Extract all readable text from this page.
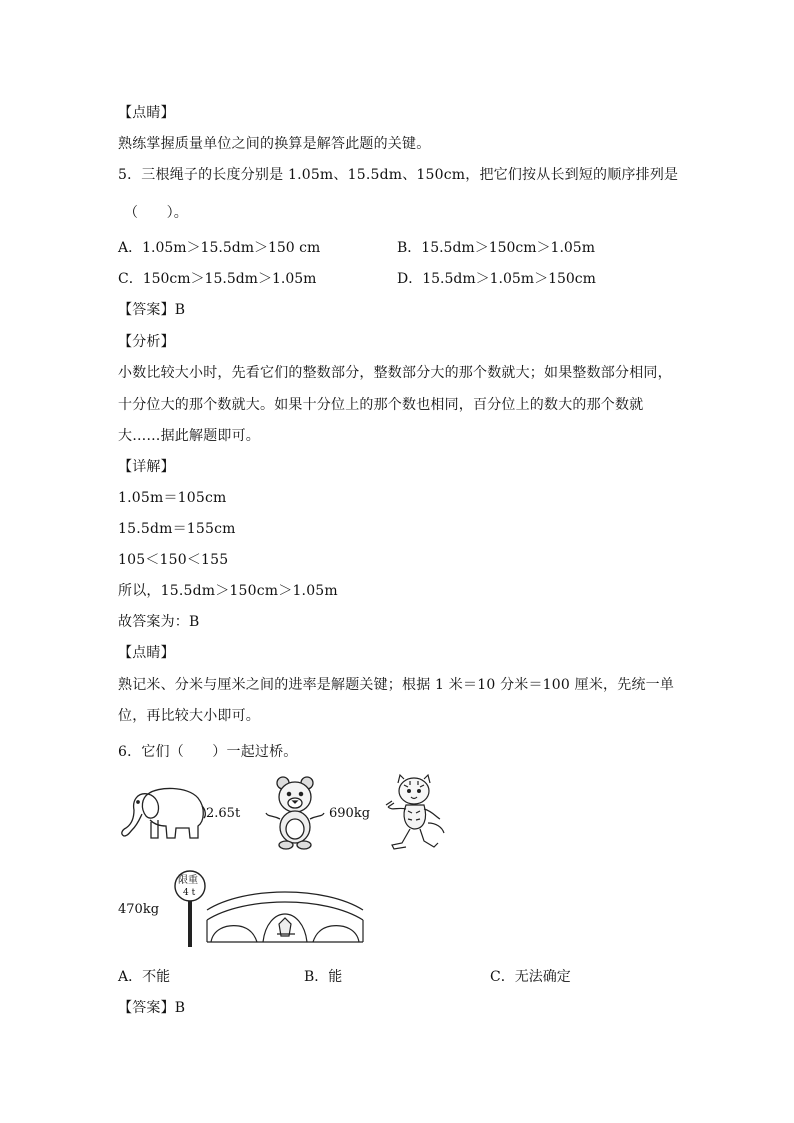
【点睛】
熟练掌握质量单位之间的换算是解答此题的关键。
5．三根绳子的长度分别是 1.05m、15.5dm、150cm，把它们按从长到短的顺序排列是
（　　）。
A．1.05m＞15.5dm＞150 cm	B．15.5dm＞150cm＞1.05m
C．150cm＞15.5dm＞1.05m	D．15.5dm＞1.05m＞150cm
【答案】B
【分析】
小数比较大小时，先看它们的整数部分，整数部分大的那个数就大；如果整数部分相同，
十分位大的那个数就大。如果十分位上的那个数也相同，百分位上的数大的那个数就
大……据此解题即可。
【详解】
1.05m＝105cm
15.5dm＝155cm
105＜150＜155
所以，15.5dm＞150cm＞1.05m
故答案为：B
【点睛】
熟记米、分米与厘米之间的进率是解题关键；根据 1 米＝10 分米＝100 厘米，先统一单
位，再比较大小即可。
6．它们（　　）一起过桥。
2.65t	690kg
470kg
限重
4 t
A．不能	B．能	C．无法确定
【答案】B
